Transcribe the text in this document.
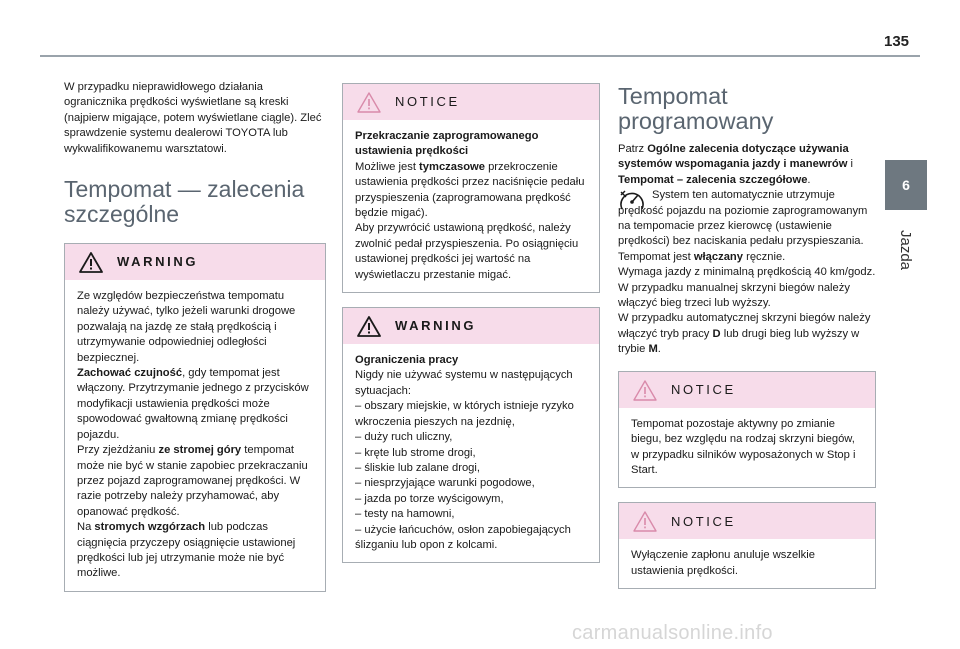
135
6
Jazda

W przypadku nieprawidłowego działania ogranicznika prędkości wyświetlane są kreski (najpierw migające, potem wyświetlane ciągle). Zleć sprawdzenie systemu dealerowi TOYOTA lub wykwalifikowanemu warsztatowi.

Tempomat — zalecenia szczególne
WARNING

Ze względów bezpieczeństwa tempomatu należy używać, tylko jeżeli warunki drogowe pozwalają na jazdę ze stałą prędkością i utrzymywanie odpowiedniej odległości bezpiecznej.

Zachować czujność, gdy tempomat jest włączony. Przytrzymanie jednego z przycisków modyfikacji ustawienia prędkości może spowodować gwałtowną zmianę prędkości pojazdu.

Przy zjeżdżaniu ze stromej góry tempomat może nie być w stanie zapobiec przekraczaniu przez pojazd zaprogramowanej prędkości. W razie potrzeby należy przyhamować, aby opanować prędkość.

Na stromych wzgórzach lub podczas ciągnięcia przyczepy osiągnięcie ustawionej prędkości lub jej utrzymanie może nie być możliwe.

NOTICE

Przekraczanie zaprogramowanego ustawienia prędkości

Możliwe jest tymczasowe przekroczenie ustawienia prędkości przez naciśnięcie pedału przyspieszenia (zaprogramowana prędkość będzie migać).

Aby przywrócić ustawioną prędkość, należy zwolnić pedał przyspieszenia. Po osiągnięciu ustawionej prędkości jej wartość na wyświetlaczu przestanie migać.

WARNING

Ograniczenia pracy

Nigdy nie używać systemu w następujących sytuacjach:

– obszary miejskie, w których istnieje ryzyko wkroczenia pieszych na jezdnię,

– duży ruch uliczny,

– kręte lub strome drogi,

– śliskie lub zalane drogi,

– niesprzyjające warunki pogodowe,

– jazda po torze wyścigowym,

– testy na hamowni,

– użycie łańcuchów, osłon zapobiegających ślizganiu lub opon z kolcami.

Tempomat programowany

Patrz Ogólne zalecenia dotyczące używania systemów wspomagania jazdy i manewrów i Tempomat – zalecenia szczegółowe.

System ten automatycznie utrzymuje prędkość pojazdu na poziomie zaprogramowanym na tempomacie przez kierowcę (ustawienie prędkości) bez naciskania pedału przyspieszania.

Tempomat jest włączany ręcznie.

Wymaga jazdy z minimalną prędkością 40 km/godz.

W przypadku manualnej skrzyni biegów należy włączyć bieg trzeci lub wyższy.

W przypadku automatycznej skrzyni biegów należy włączyć tryb pracy D lub drugi bieg lub wyższy w trybie M.

NOTICE

Tempomat pozostaje aktywny po zmianie biegu, bez względu na rodzaj skrzyni biegów, w przypadku silników wyposażonych w Stop i Start.

NOTICE

Wyłączenie zapłonu anuluje wszelkie ustawienia prędkości.

carmanualsonline.info
